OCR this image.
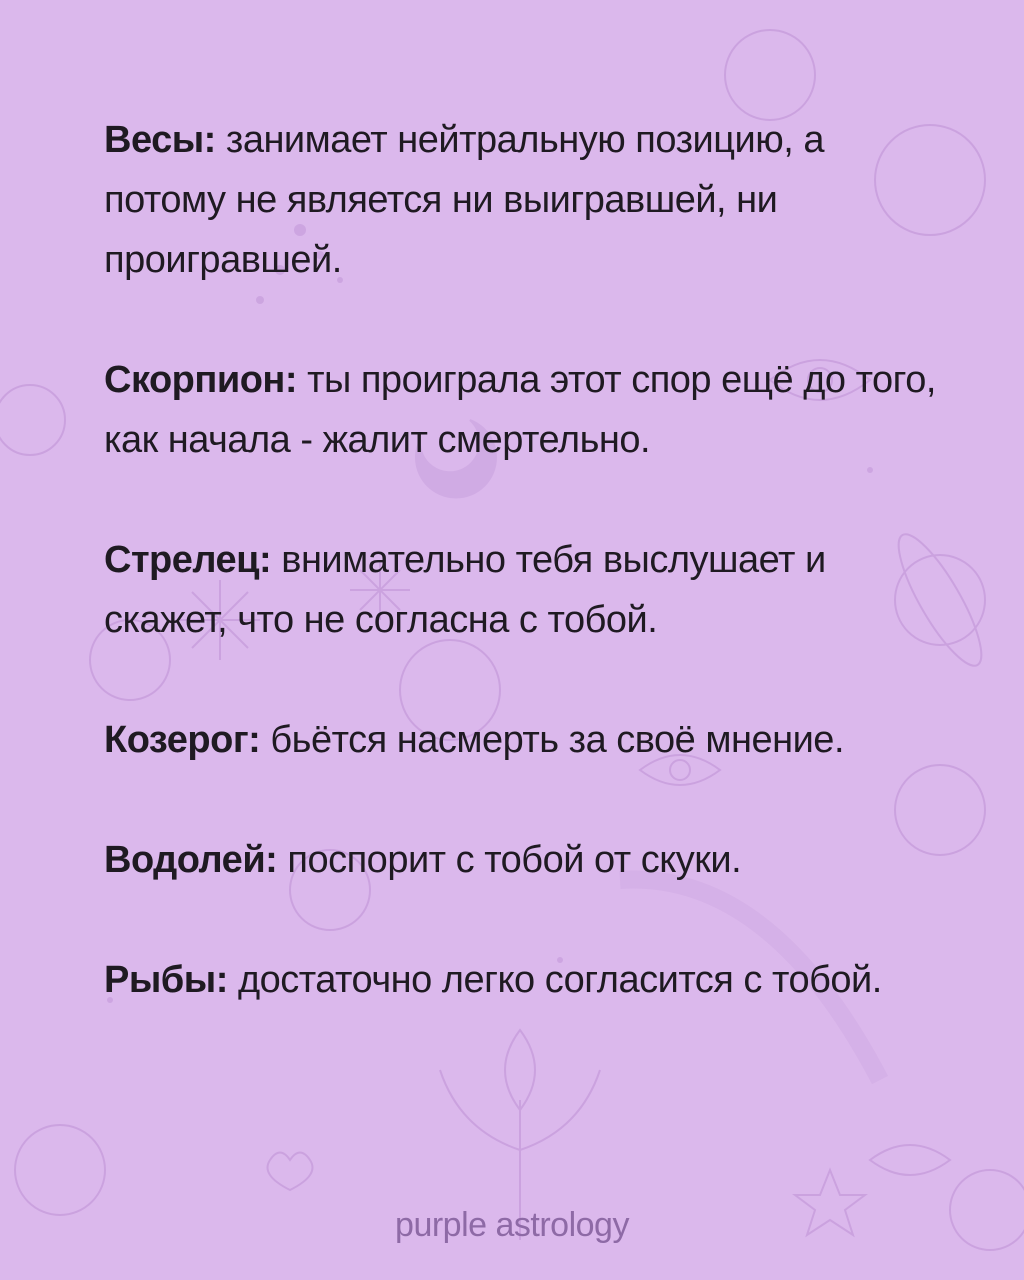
Весы: занимает нейтральную позицию, а потому не является ни выигравшей, ни проигравшей.
Скорпион: ты проиграла этот спор ещё до того, как начала - жалит смертельно.
Стрелец: внимательно тебя выслушает и скажет, что не согласна с тобой.
Козерог: бьётся насмерть за своё мнение.
Водолей: поспорит с тобой от скуки.
Рыбы: достаточно легко согласится с тобой.
purple astrology
